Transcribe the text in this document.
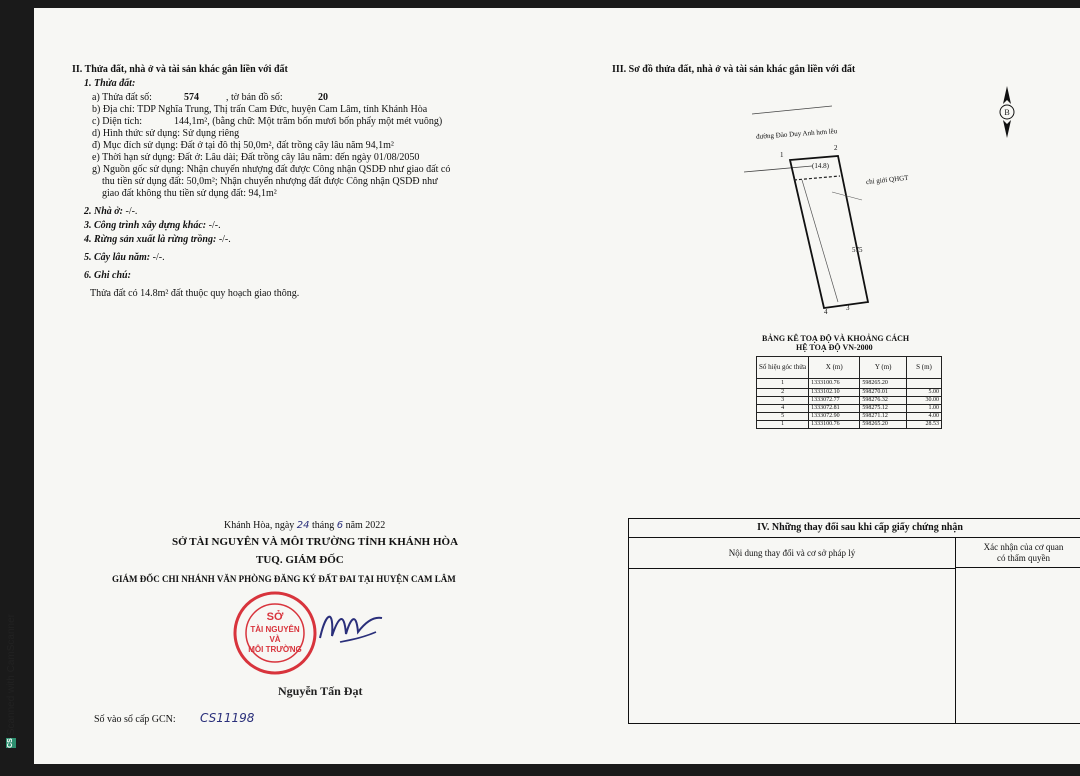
II. Thửa đất, nhà ở và tài sản khác gắn liền với đất
1. Thửa đất:
a) Thửa đất số:	574	, tờ bản đồ số:	20
b) Địa chỉ: TDP Nghĩa Trung, Thị trấn Cam Đức, huyện Cam Lâm, tỉnh Khánh Hòa
c) Diện tích:	144,1m², (bằng chữ: Một trăm bốn mươi bốn phẩy một mét vuông)
d) Hình thức sử dụng: Sử dụng riêng
đ) Mục đích sử dụng: Đất ở tại đô thị 50,0m², đất trồng cây lâu năm 94,1m²
e) Thời hạn sử dụng: Đất ở: Lâu dài; Đất trồng cây lâu năm: đến ngày 01/08/2050
g) Nguồn gốc sử dụng: Nhận chuyển nhượng đất được Công nhận QSDĐ như giao đất có
thu tiền sử dụng đất: 50,0m²; Nhận chuyển nhượng đất được Công nhận QSDĐ như
giao đất không thu tiền sử dụng đất: 94,1m²
2. Nhà ở: -/-.
3. Công trình xây dựng khác: -/-.
4. Rừng sản xuất là rừng trồng: -/-.
5. Cây lâu năm: -/-.
6. Ghi chú:
Thửa đất có 14.8m² đất thuộc quy hoạch giao thông.
III. Sơ đồ thửa đất, nhà ở và tài sản khác gắn liền với đất
B
đường Đào Duy Anh hơn lêu
1
2
(14.8)
chỉ giới QHGT
575
3
4
BẢNG KÊ TOẠ ĐỘ VÀ KHOẢNG CÁCH
HỆ TOẠ ĐỘ VN-2000
Số hiệu góc thửa	X (m)	Y (m)	S (m)
1	1333100.76	598265.20	
2	1333102.10	598270.01	5.00
3	1333072.77	598276.32	30.00
4	1333072.81	598275.12	1.00
5	1333072.90	598271.12	4.00
1	1333100.76	598265.20	28.53
Khánh Hòa, ngày 24 tháng 6 năm 2022
SỞ TÀI NGUYÊN VÀ MÔI TRƯỜNG TỈNH KHÁNH HÒA
TUQ. GIÁM ĐỐC
GIÁM ĐỐC CHI NHÁNH VĂN PHÒNG ĐĂNG KÝ ĐẤT ĐAI TẠI HUYỆN CAM LÂM
SỞ
TÀI NGUYÊN
VÀ
MÔI TRƯỜNG
Nguyễn Tấn Đạt
Số vào sổ cấp GCN: CS11198
IV. Những thay đổi sau khi cấp giấy chứng nhận
Nội dung thay đổi và cơ sở pháp lý
Xác nhận của cơ quan
có thẩm quyền
CS Scanned with CamScanner
